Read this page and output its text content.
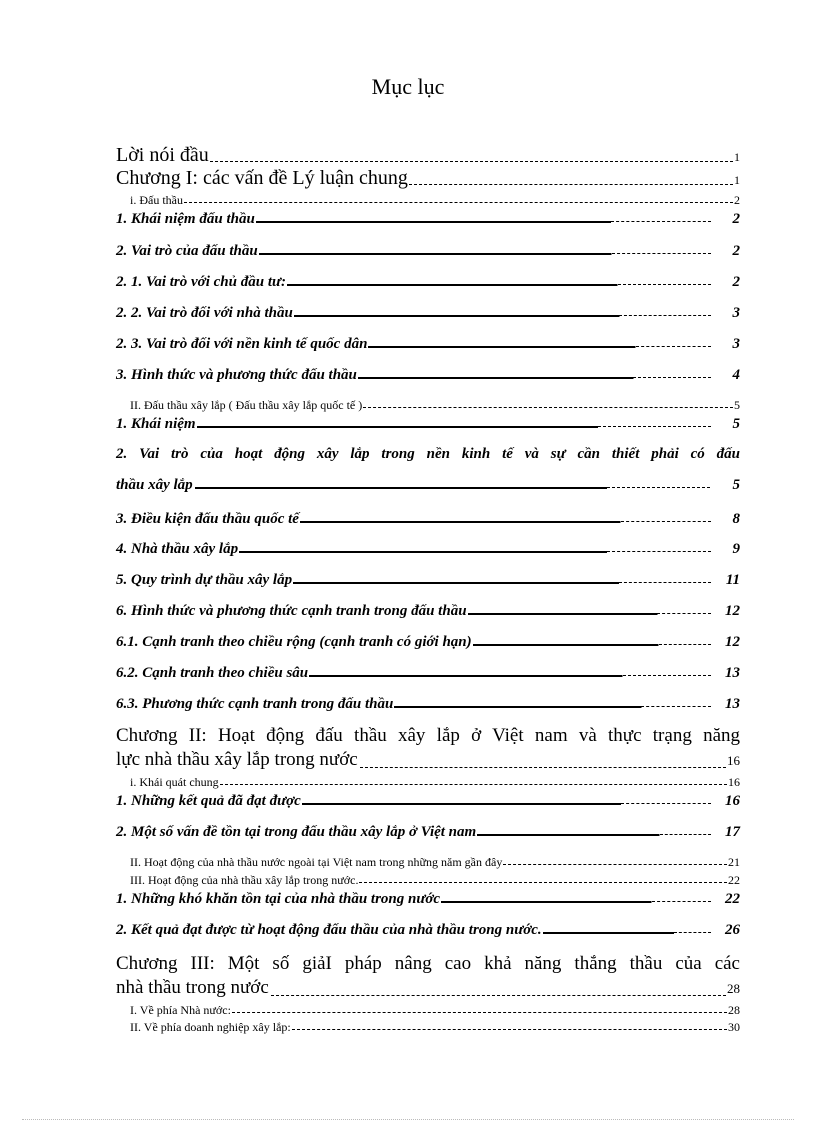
Mục lục
Lời nói đầu	1
Chương I: các vấn đề Lý luận chung	1
i. Đấu thầu	2
1. Khái niệm đấu thầu	2
2. Vai trò của đấu thầu	2
2. 1. Vai trò với chủ đầu tư:	2
2. 2. Vai trò đối với nhà thầu	3
2. 3. Vai trò đối với nền kinh tế quốc dân	3
3. Hình thức và phương thức đấu thầu	4
II. Đấu thầu xây lắp ( Đấu thầu xây lắp quốc tế )	5
1. Khái niệm	5
2. Vai trò của hoạt động xây lắp trong nền kinh tế và sự cần thiết phải có đấu
thầu xây lắp	5
3. Điều kiện đấu thầu quốc tế	8
4. Nhà thầu xây lắp	9
5. Quy trình dự thầu xây lắp	11
6. Hình thức và phương thức cạnh tranh trong đấu thầu	12
6.1. Cạnh tranh theo chiều rộng (cạnh tranh có giới hạn)	12
6.2. Cạnh tranh theo chiều sâu	13
6.3. Phương thức cạnh tranh trong đấu thầu	13
Chương II: Hoạt động đấu thầu xây lắp ở Việt nam và thực trạng năng
lực nhà thầu xây lắp trong nước	16
i. Khái quát chung	16
1. Những kết quả đã đạt được	16
2. Một số vấn đề tồn tại trong đấu thầu xây lắp ở Việt nam	17
II. Hoạt động của nhà thầu nước ngoài tại Việt nam trong những năm gần đây	21
III. Hoạt động của nhà thầu xây lắp trong nước.	22
1. Những khó khăn tồn tại của nhà thầu trong nước	22
2. Kết quả đạt được từ hoạt động đấu thầu của nhà thầu trong nước.	26
Chương III: Một số giảI pháp nâng cao khả năng thắng thầu của các
nhà thầu trong nước	28
I. Về phía Nhà nước:	28
II. Về phía doanh nghiệp xây lắp:	30
